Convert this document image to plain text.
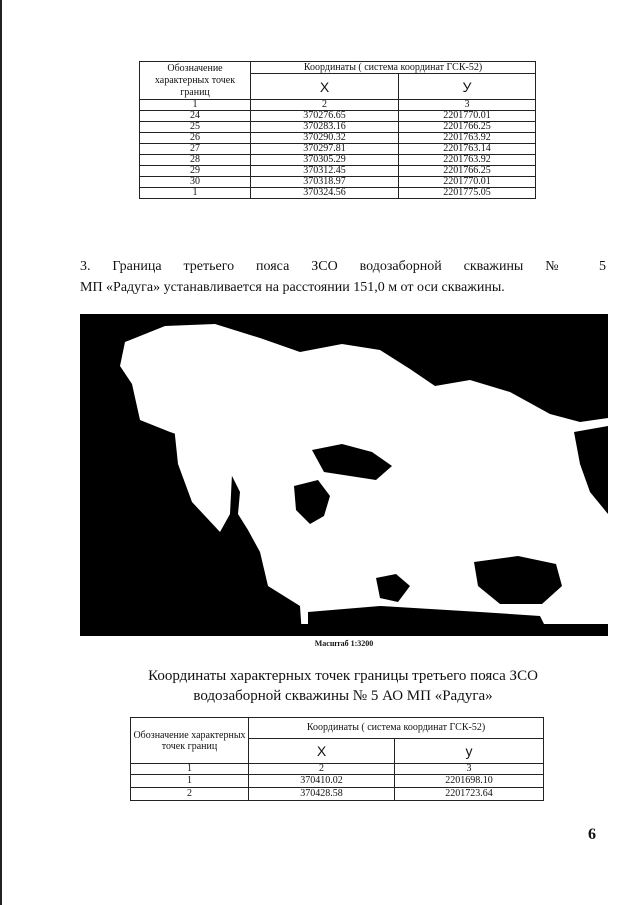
Обозначение характерных точек границ	Координаты ( система координат ГСК-52)	
	X	У
1	2	3
24	370276.65	2201770.01
25	370283.16	2201766.25
26	370290.32	2201763.92
27	370297.81	2201763.14
28	370305.29	2201763.92
29	370312.45	2201766.25
30	370318.97	2201770.01
1	370324.56	2201775.05
3. Граница третьего пояса ЗСО водозаборной скважины № 5
МП «Радуга» устанавливается на расстоянии 151,0 м от оси скважины.
Масштаб 1:3200
Координаты характерных точек границы третьего пояса ЗСО
водозаборной скважины № 5 АО МП «Радуга»
Обозначение характерных точек границ	Координаты ( система координат ГСК-52)	
	Х	у
1	2	3
1	370410.02	2201698.10
2	370428.58	2201723.64
6
